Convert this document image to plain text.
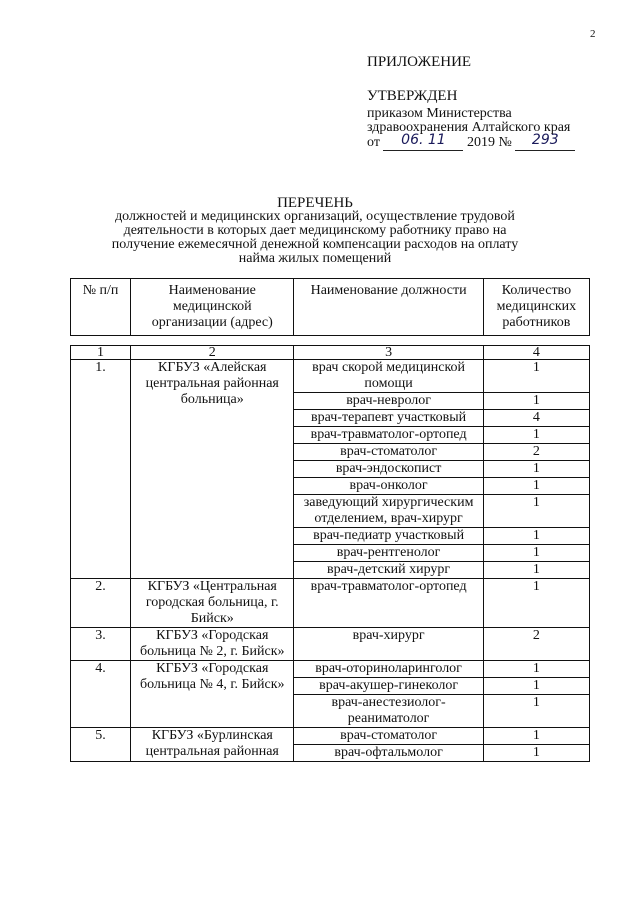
2
ПРИЛОЖЕНИЕ
УТВЕРЖДЕН
приказом Министерства
здравоохранения Алтайского края
от 06. 11 2019 № 293
ПЕРЕЧЕНЬ
должностей и медицинских организаций, осуществление трудовой деятельности в которых дает медицинскому работнику право на получение ежемесячной денежной компенсации расходов на оплату найма жилых помещений
№ п/п	Наименование медицинской организации (адрес)	Наименование должности	Количество медицинских работников
1	2	3	4
1.	КГБУЗ «Алейская центральная районная больница»	врач скорой медицинской помощи	1
		врач-невролог	1
		врач-терапевт участковый	4
		врач-травматолог-ортопед	1
		врач-стоматолог	2
		врач-эндоскопист	1
		врач-онколог	1
		заведующий хирургическим отделением, врач-хирург	1
		врач-педиатр участковый	1
		врач-рентгенолог	1
		врач-детский хирург	1
2.	КГБУЗ «Центральная городская больница, г. Бийск»	врач-травматолог-ортопед	1
3.	КГБУЗ «Городская больница № 2, г. Бийск»	врач-хирург	2
4.	КГБУЗ «Городская больница № 4, г. Бийск»	врач-оториноларинголог	1
		врач-акушер-гинеколог	1
		врач-анестезиолог-реаниматолог	1
5.	КГБУЗ «Бурлинская центральная районная	врач-стоматолог	1
		врач-офтальмолог	1
